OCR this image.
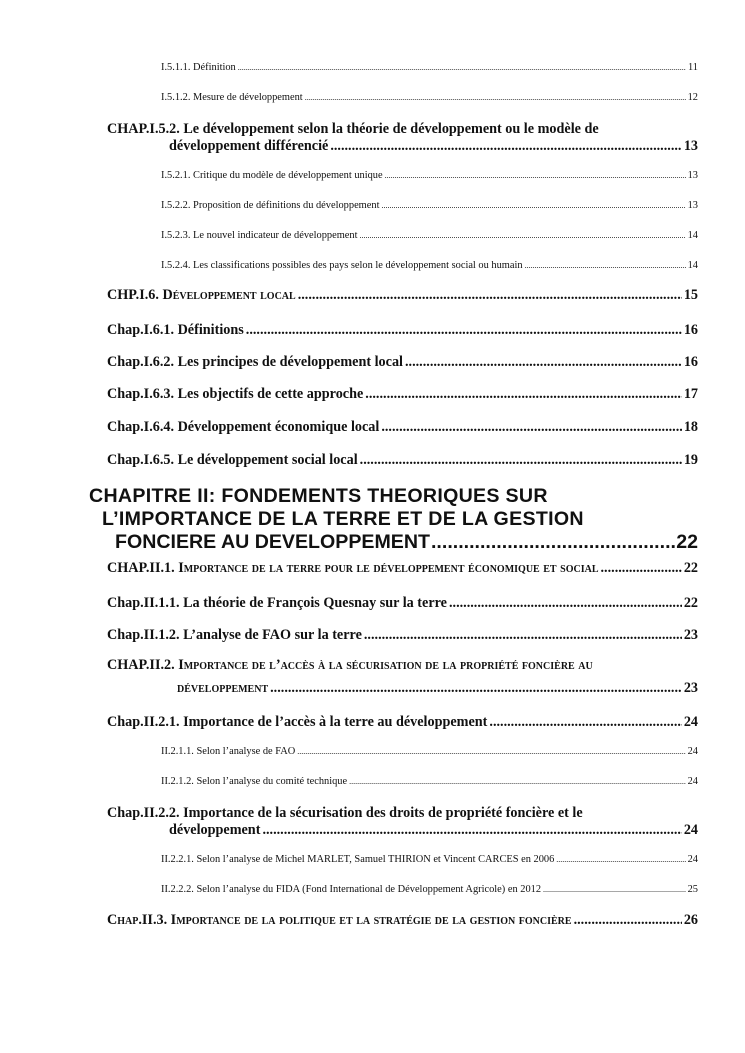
I.5.1.1. Définition .....	11
I.5.1.2. Mesure de développement .....	12
CHAP.I.5.2. Le développement selon la théorie de développement ou le modèle de
développement différencié .....	13
I.5.2.1. Critique du modèle de développement unique .....	13
I.5.2.2. Proposition de définitions du développement .....	13
I.5.2.3. Le nouvel indicateur de développement .....	14
I.5.2.4. Les classifications possibles des pays selon le développement social ou humain .....	14
CHP.I.6. Développement local .....	15
Chap.I.6.1. Définitions .....	16
Chap.I.6.2. Les principes de développement local .....	16
Chap.I.6.3. Les objectifs de cette approche .....	17
Chap.I.6.4. Développement économique local .....	18
Chap.I.6.5. Le développement social local .....	19
CHAPITRE II: FONDEMENTS THEORIQUES SUR
L’IMPORTANCE DE LA TERRE ET DE LA GESTION
FONCIERE AU DEVELOPPEMENT .....	22
CHAP.II.1. Importance de la terre pour le développement économique et social .....	22
Chap.II.1.1. La théorie de François Quesnay sur la terre .....	22
Chap.II.1.2. L’analyse de FAO sur la terre .....	23
CHAP.II.2. Importance de l’accès à la sécurisation de la propriété foncière au
développement .....	23
Chap.II.2.1. Importance de l’accès à la terre au développement .....	24
II.2.1.1. Selon l’analyse de FAO .....	24
II.2.1.2. Selon l’analyse du comité technique .....	24
Chap.II.2.2. Importance de la sécurisation des droits de propriété foncière et le
développement .....	24
II.2.2.1. Selon l’analyse de Michel MARLET, Samuel THIRION et Vincent CARCES en 2006 .....	24
II.2.2.2. Selon l’analyse du FIDA (Fond International de Développement Agricole) en 2012 .....	25
Chap.II.3. Importance de la politique et la stratégie de la gestion foncière .....	26
